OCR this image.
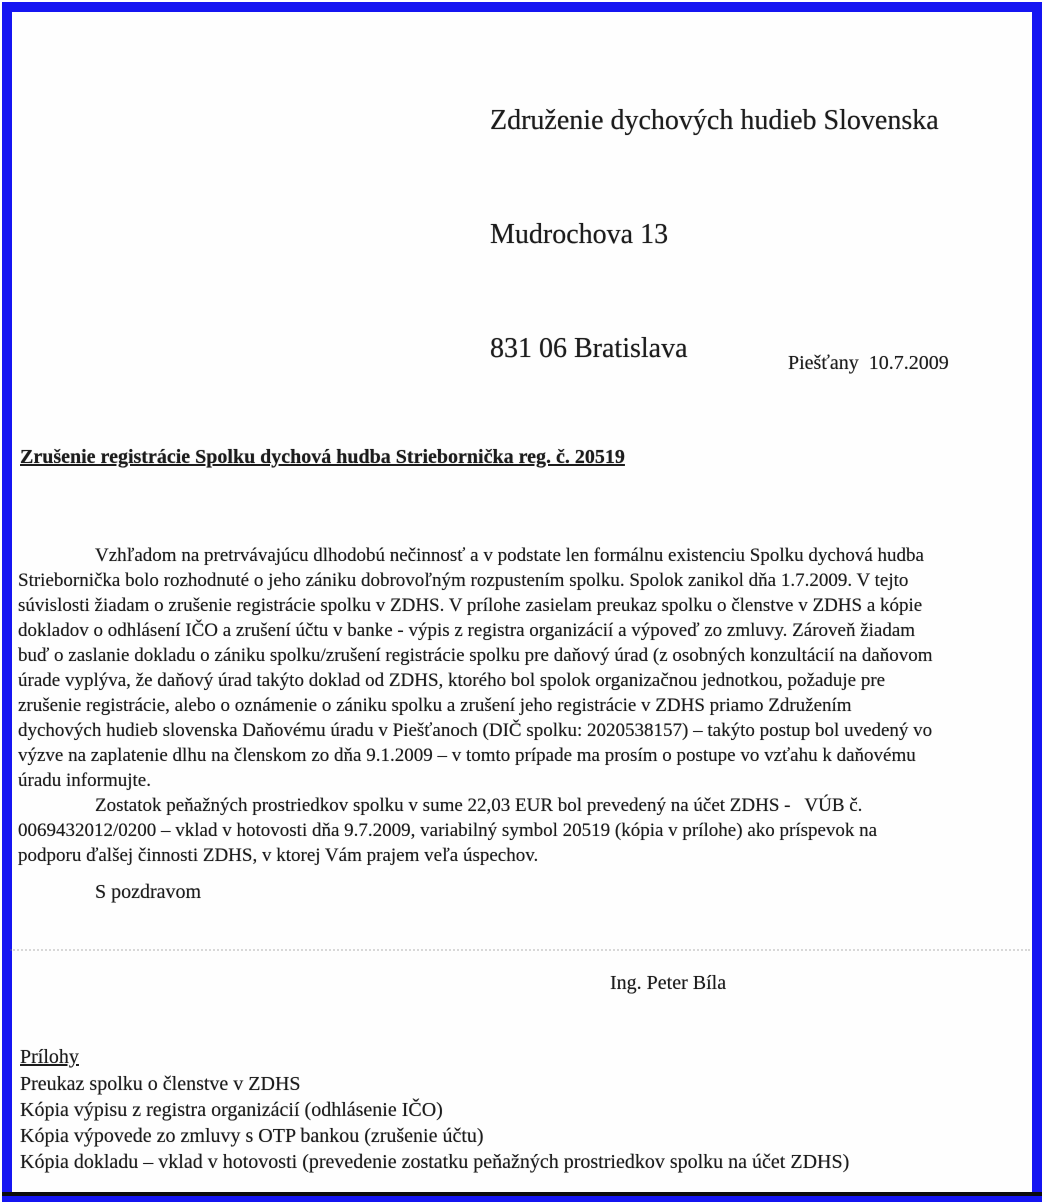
Združenie dychových hudieb Slovenska

Mudrochova 13

831 06 Bratislava

	Piešťany  10.7.2009
Zrušenie registrácie Spolku dychová hudba Striebornička reg. č. 20519
Vzhľadom na pretrvávajúcu dlhodobú nečinnosť a v podstate len formálnu existenciu Spolku dychová hudba
Striebornička bolo rozhodnuté o jeho zániku dobrovoľným rozpustením spolku. Spolok zanikol dňa 1.7.2009. V tejto
súvislosti žiadam o zrušenie registrácie spolku v ZDHS. V prílohe zasielam preukaz spolku o členstve v ZDHS a kópie
dokladov o odhlásení IČO a zrušení účtu v banke - výpis z registra organizácií a výpoveď zo zmluvy. Zároveň žiadam
buď o zaslanie dokladu o zániku spolku/zrušení registrácie spolku pre daňový úrad (z osobných konzultácií na daňovom
úrade vyplýva, že daňový úrad takýto doklad od ZDHS, ktorého bol spolok organizačnou jednotkou, požaduje pre
zrušenie registrácie, alebo o oznámenie o zániku spolku a zrušení jeho registrácie v ZDHS priamo Združením
dychových hudieb slovenska Daňovému úradu v Piešťanoch (DIČ spolku: 2020538157) – takýto postup bol uvedený vo
výzve na zaplatenie dlhu na členskom zo dňa 9.1.2009 – v tomto prípade ma prosím o postupe vo vzťahu k daňovému
úradu informujte.
Zostatok peňažných prostriedkov spolku v sume 22,03 EUR bol prevedený na účet ZDHS -   VÚB č.
0069432012/0200 – vklad v hotovosti dňa 9.7.2009, variabilný symbol 20519 (kópia v prílohe) ako príspevok na
podporu ďalšej činnosti ZDHS, v ktorej Vám prajem veľa úspechov.
S pozdravom
Ing. Peter Bíla
Prílohy
Preukaz spolku o členstve v ZDHS
Kópia výpisu z registra organizácií (odhlásenie IČO)
Kópia výpovede zo zmluvy s OTP bankou (zrušenie účtu)
Kópia dokladu – vklad v hotovosti (prevedenie zostatku peňažných prostriedkov spolku na účet ZDHS)
